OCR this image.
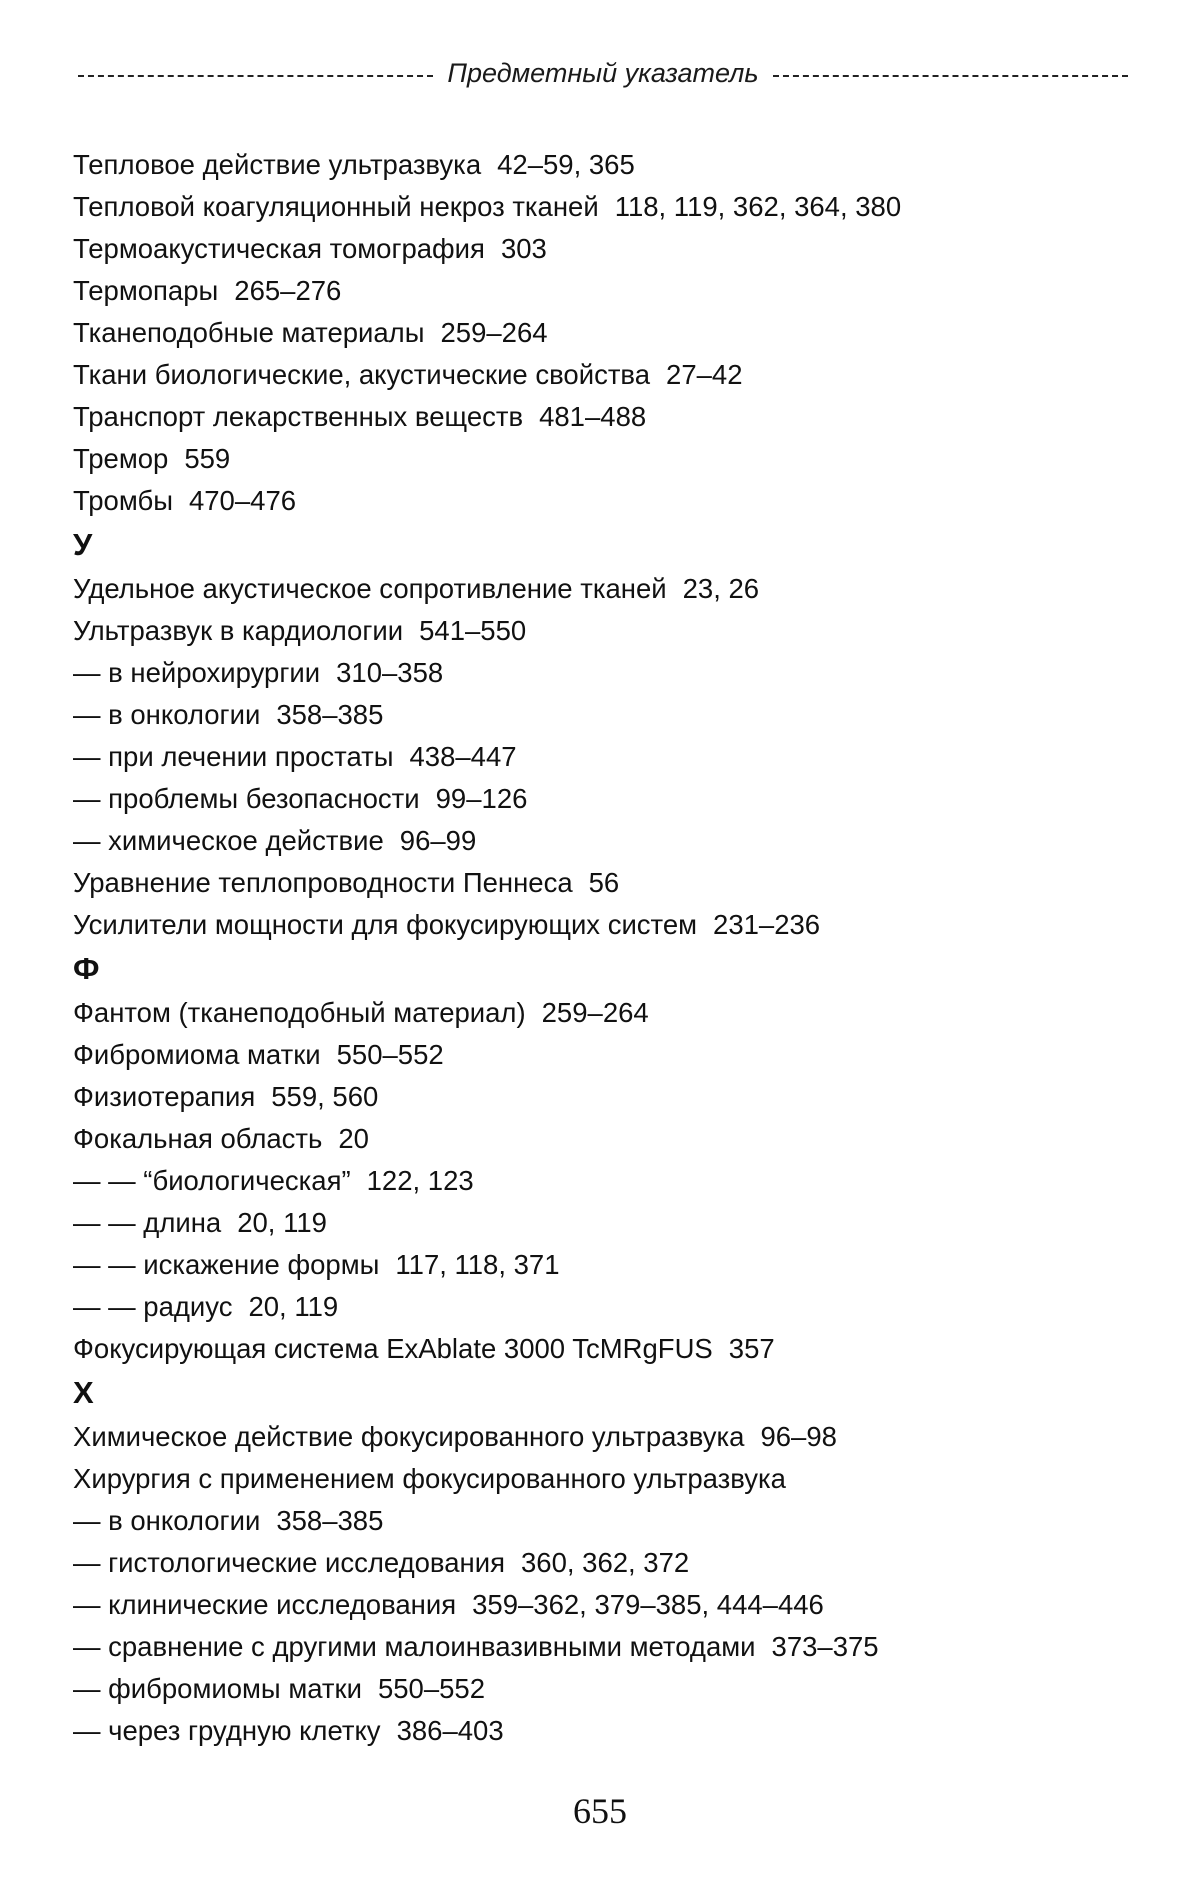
Предметный указатель
Тепловое действие ультразвука 42–59, 365
Тепловой коагуляционный некроз тканей 118, 119, 362, 364, 380
Термоакустическая томография 303
Термопары 265–276
Тканеподобные материалы 259–264
Ткани биологические, акустические свойства 27–42
Транспорт лекарственных веществ 481–488
Тремор 559
Тромбы 470–476
У
Удельное акустическое сопротивление тканей 23, 26
Ультразвук в кардиологии 541–550
— в нейрохирургии 310–358
— в онкологии 358–385
— при лечении простаты 438–447
— проблемы безопасности 99–126
— химическое действие 96–99
Уравнение теплопроводности Пеннеса 56
Усилители мощности для фокусирующих систем 231–236
Ф
Фантом (тканеподобный материал) 259–264
Фибромиома матки 550–552
Физиотерапия 559, 560
Фокальная область 20
— — “биологическая” 122, 123
— — длина 20, 119
— — искажение формы 117, 118, 371
— — радиус 20, 119
Фокусирующая система ExAblate 3000 TcMRgFUS 357
Х
Химическое действие фокусированного ультразвука 96–98
Хирургия с применением фокусированного ультразвука
— в онкологии 358–385
— гистологические исследования 360, 362, 372
— клинические исследования 359–362, 379–385, 444–446
— сравнение с другими малоинвазивными методами 373–375
— фибромиомы матки 550–552
— через грудную клетку 386–403
655
